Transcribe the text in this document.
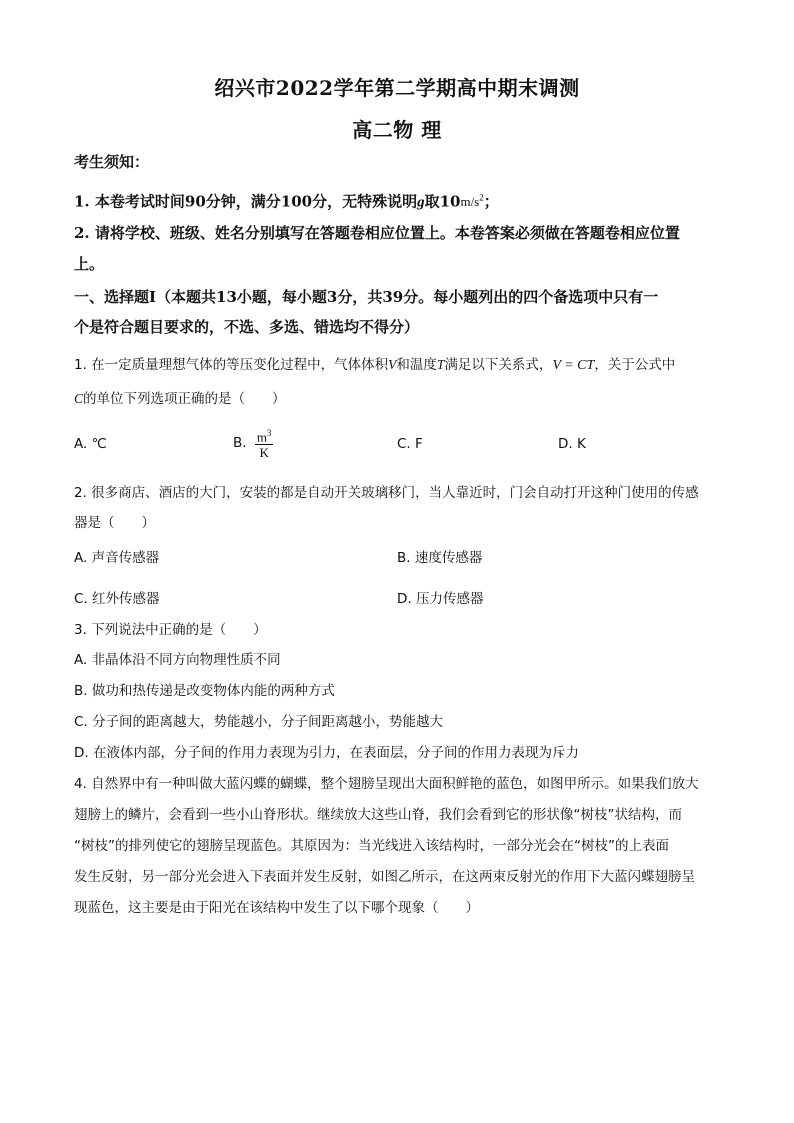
绍兴市2022学年第二学期高中期末调测
高二物 理
考生须知：
1. 本卷考试时间90分钟，满分100分，无特殊说明g取$10m/s^2$；
2. 请将学校、班级、姓名分别填写在答题卷相应位置上。本卷答案必须做在答题卷相应位置
上。
一、选择题Ⅰ（本题共13小题，每小题3分，共39分。每小题列出的四个备选项中只有一
个是符合题目要求的，不选、多选、错选均不得分）
1. 在一定质量理想气体的等压变化过程中，气体体积V和温度T满足以下关系式，V = CT，关于公式中
C的单位下列选项正确的是（　　）
A. ℃	B. $\frac{m^3}{K}$	C. F	D. K
2. 很多商店、酒店的大门，安装的都是自动开关玻璃移门，当人靠近时，门会自动打开这种门使用的传感
器是（　　）
A. 声音传感器	B. 速度传感器
C. 红外传感器	D. 压力传感器
3. 下列说法中正确的是（　　）
A. 非晶体沿不同方向物理性质不同
B. 做功和热传递是改变物体内能的两种方式
C. 分子间的距离越大，势能越小，分子间距离越小，势能越大
D. 在液体内部，分子间的作用力表现为引力，在表面层，分子间的作用力表现为斥力
4. 自然界中有一种叫做大蓝闪蝶的蝴蝶，整个翅膀呈现出大面积鲜艳的蓝色，如图甲所示。如果我们放大
翅膀上的鳞片，会看到一些小山脊形状。继续放大这些山脊，我们会看到它的形状像“树枝”状结构，而
“树枝”的排列使它的翅膀呈现蓝色。其原因为：当光线进入该结构时，一部分光会在“树枝”的上表面
发生反射，另一部分光会进入下表面并发生反射，如图乙所示，在这两束反射光的作用下大蓝闪蝶翅膀呈
现蓝色，这主要是由于阳光在该结构中发生了以下哪个现象（　　）
